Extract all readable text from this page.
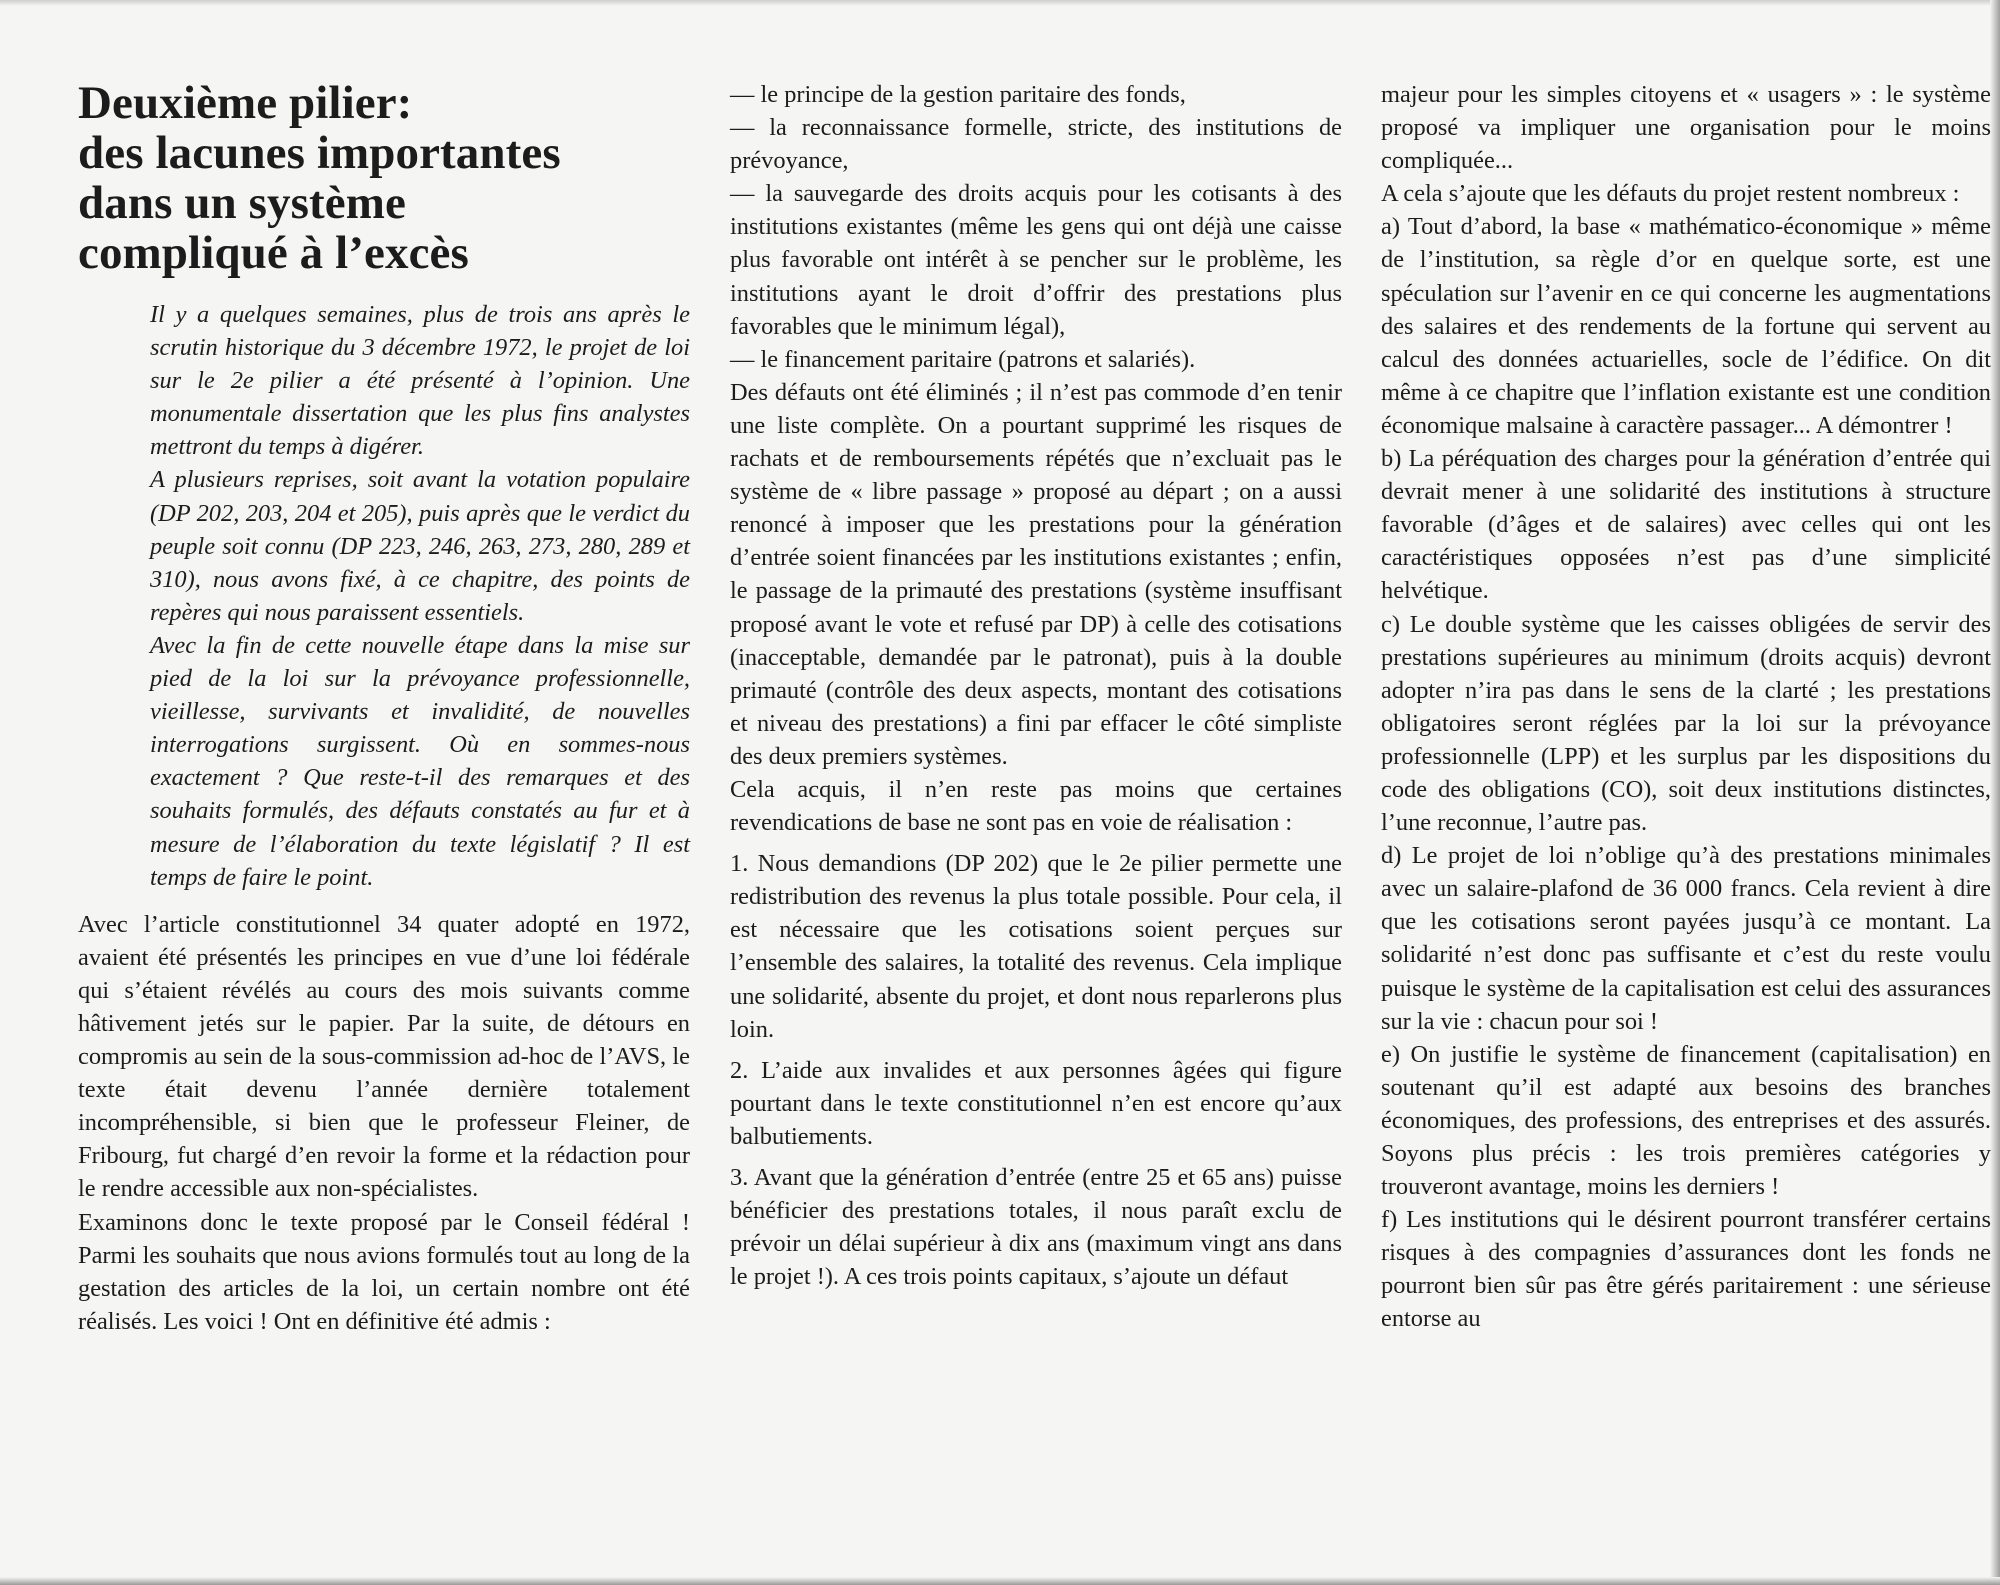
Deuxième pilier:
des lacunes importantes
dans un système
compliqué à l’excès

Il y a quelques semaines, plus de trois ans après le scrutin historique du 3 décembre 1972, le projet de loi sur le 2e pilier a été présenté à l’opinion. Une monumentale dissertation que les plus fins analystes mettront du temps à digérer.

A plusieurs reprises, soit avant la votation populaire (DP 202, 203, 204 et 205), puis après que le verdict du peuple soit connu (DP 223, 246, 263, 273, 280, 289 et 310), nous avons fixé, à ce chapitre, des points de repères qui nous paraissent essentiels.

Avec la fin de cette nouvelle étape dans la mise sur pied de la loi sur la prévoyance professionnelle, vieillesse, survivants et invalidité, de nouvelles interrogations surgissent. Où en sommes-nous exactement ? Que reste-t-il des remarques et des souhaits formulés, des défauts constatés au fur et à mesure de l’élaboration du texte législatif ? Il est temps de faire le point.

Avec l’article constitutionnel 34 quater adopté en 1972, avaient été présentés les principes en vue d’une loi fédérale qui s’étaient révélés au cours des mois suivants comme hâtivement jetés sur le papier. Par la suite, de détours en compromis au sein de la sous-commission ad-hoc de l’AVS, le texte était devenu l’année dernière totalement incompréhensible, si bien que le professeur Fleiner, de Fribourg, fut chargé d’en revoir la forme et la rédaction pour le rendre accessible aux non-spécialistes.

Examinons donc le texte proposé par le Conseil fédéral ! Parmi les souhaits que nous avions formulés tout au long de la gestation des articles de la loi, un certain nombre ont été réalisés. Les voici ! Ont en définitive été admis :

— le principe de la gestion paritaire des fonds,

— la reconnaissance formelle, stricte, des institutions de prévoyance,

— la sauvegarde des droits acquis pour les cotisants à des institutions existantes (même les gens qui ont déjà une caisse plus favorable ont intérêt à se pencher sur le problème, les institutions ayant le droit d’offrir des prestations plus favorables que le minimum légal),

— le financement paritaire (patrons et salariés).

Des défauts ont été éliminés ; il n’est pas commode d’en tenir une liste complète. On a pourtant supprimé les risques de rachats et de remboursements répétés que n’excluait pas le système de « libre passage » proposé au départ ; on a aussi renoncé à imposer que les prestations pour la génération d’entrée soient financées par les institutions existantes ; enfin, le passage de la primauté des prestations (système insuffisant proposé avant le vote et refusé par DP) à celle des cotisations (inacceptable, demandée par le patronat), puis à la double primauté (contrôle des deux aspects, montant des cotisations et niveau des prestations) a fini par effacer le côté simpliste des deux premiers systèmes.

Cela acquis, il n’en reste pas moins que certaines revendications de base ne sont pas en voie de réalisation :

1. Nous demandions (DP 202) que le 2e pilier permette une redistribution des revenus la plus totale possible. Pour cela, il est nécessaire que les cotisations soient perçues sur l’ensemble des salaires, la totalité des revenus. Cela implique une solidarité, absente du projet, et dont nous reparlerons plus loin.

2. L’aide aux invalides et aux personnes âgées qui figure pourtant dans le texte constitutionnel n’en est encore qu’aux balbutiements.

3. Avant que la génération d’entrée (entre 25 et 65 ans) puisse bénéficier des prestations totales, il nous paraît exclu de prévoir un délai supérieur à dix ans (maximum vingt ans dans le projet !). A ces trois points capitaux, s’ajoute un défaut

majeur pour les simples citoyens et « usagers » : le système proposé va impliquer une organisation pour le moins compliquée...

A cela s’ajoute que les défauts du projet restent nombreux :

a) Tout d’abord, la base « mathématico-économique » même de l’institution, sa règle d’or en quelque sorte, est une spéculation sur l’avenir en ce qui concerne les augmentations des salaires et des rendements de la fortune qui servent au calcul des données actuarielles, socle de l’édifice. On dit même à ce chapitre que l’inflation existante est une condition économique malsaine à caractère passager... A démontrer !

b) La péréquation des charges pour la génération d’entrée qui devrait mener à une solidarité des institutions à structure favorable (d’âges et de salaires) avec celles qui ont les caractéristiques opposées n’est pas d’une simplicité helvétique.

c) Le double système que les caisses obligées de servir des prestations supérieures au minimum (droits acquis) devront adopter n’ira pas dans le sens de la clarté ; les prestations obligatoires seront réglées par la loi sur la prévoyance professionnelle (LPP) et les surplus par les dispositions du code des obligations (CO), soit deux institutions distinctes, l’une reconnue, l’autre pas.

d) Le projet de loi n’oblige qu’à des prestations minimales avec un salaire-plafond de 36 000 francs. Cela revient à dire que les cotisations seront payées jusqu’à ce montant. La solidarité n’est donc pas suffisante et c’est du reste voulu puisque le système de la capitalisation est celui des assurances sur la vie : chacun pour soi !

e) On justifie le système de financement (capitalisation) en soutenant qu’il est adapté aux besoins des branches économiques, des professions, des entreprises et des assurés. Soyons plus précis : les trois premières catégories y trouveront avantage, moins les derniers !

f) Les institutions qui le désirent pourront transférer certains risques à des compagnies d’assurances dont les fonds ne pourront bien sûr pas être gérés paritairement : une sérieuse entorse au
